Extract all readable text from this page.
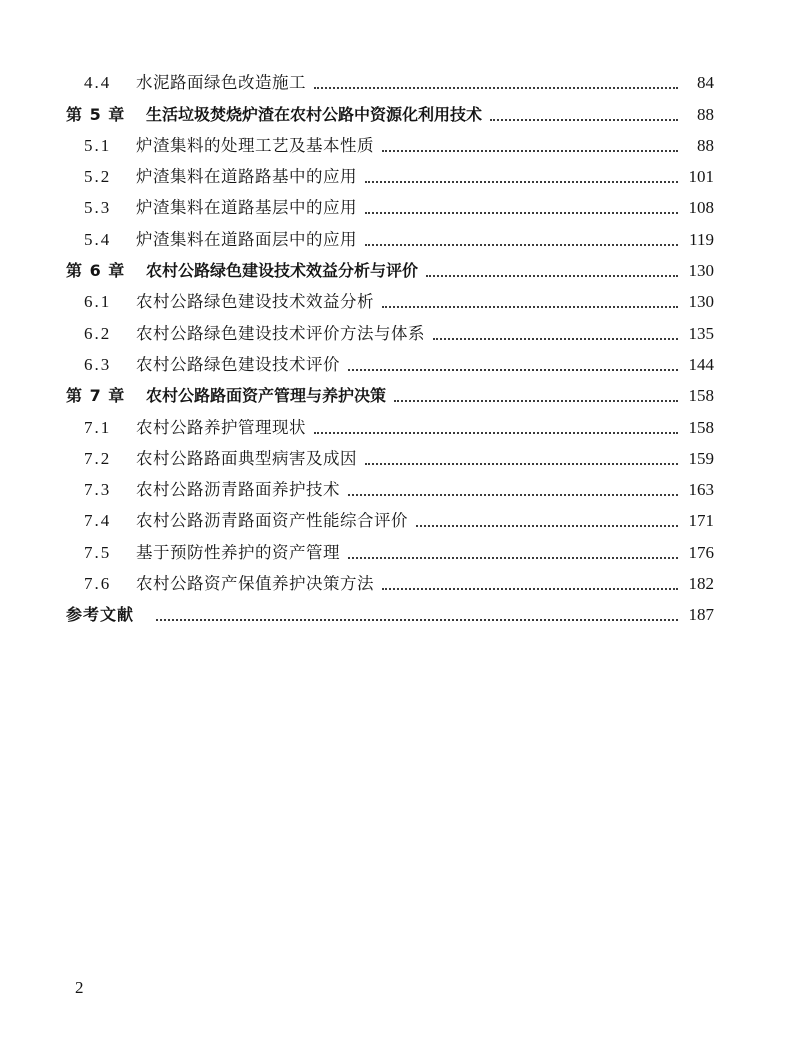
4.4	水泥路面绿色改造施工	84
第 5 章	生活垃圾焚烧炉渣在农村公路中资源化利用技术	88
5.1	炉渣集料的处理工艺及基本性质	88
5.2	炉渣集料在道路路基中的应用	101
5.3	炉渣集料在道路基层中的应用	108
5.4	炉渣集料在道路面层中的应用	119
第 6 章	农村公路绿色建设技术效益分析与评价	130
6.1	农村公路绿色建设技术效益分析	130
6.2	农村公路绿色建设技术评价方法与体系	135
6.3	农村公路绿色建设技术评价	144
第 7 章	农村公路路面资产管理与养护决策	158
7.1	农村公路养护管理现状	158
7.2	农村公路路面典型病害及成因	159
7.3	农村公路沥青路面养护技术	163
7.4	农村公路沥青路面资产性能综合评价	171
7.5	基于预防性养护的资产管理	176
7.6	农村公路资产保值养护决策方法	182
参考文献	187
2
